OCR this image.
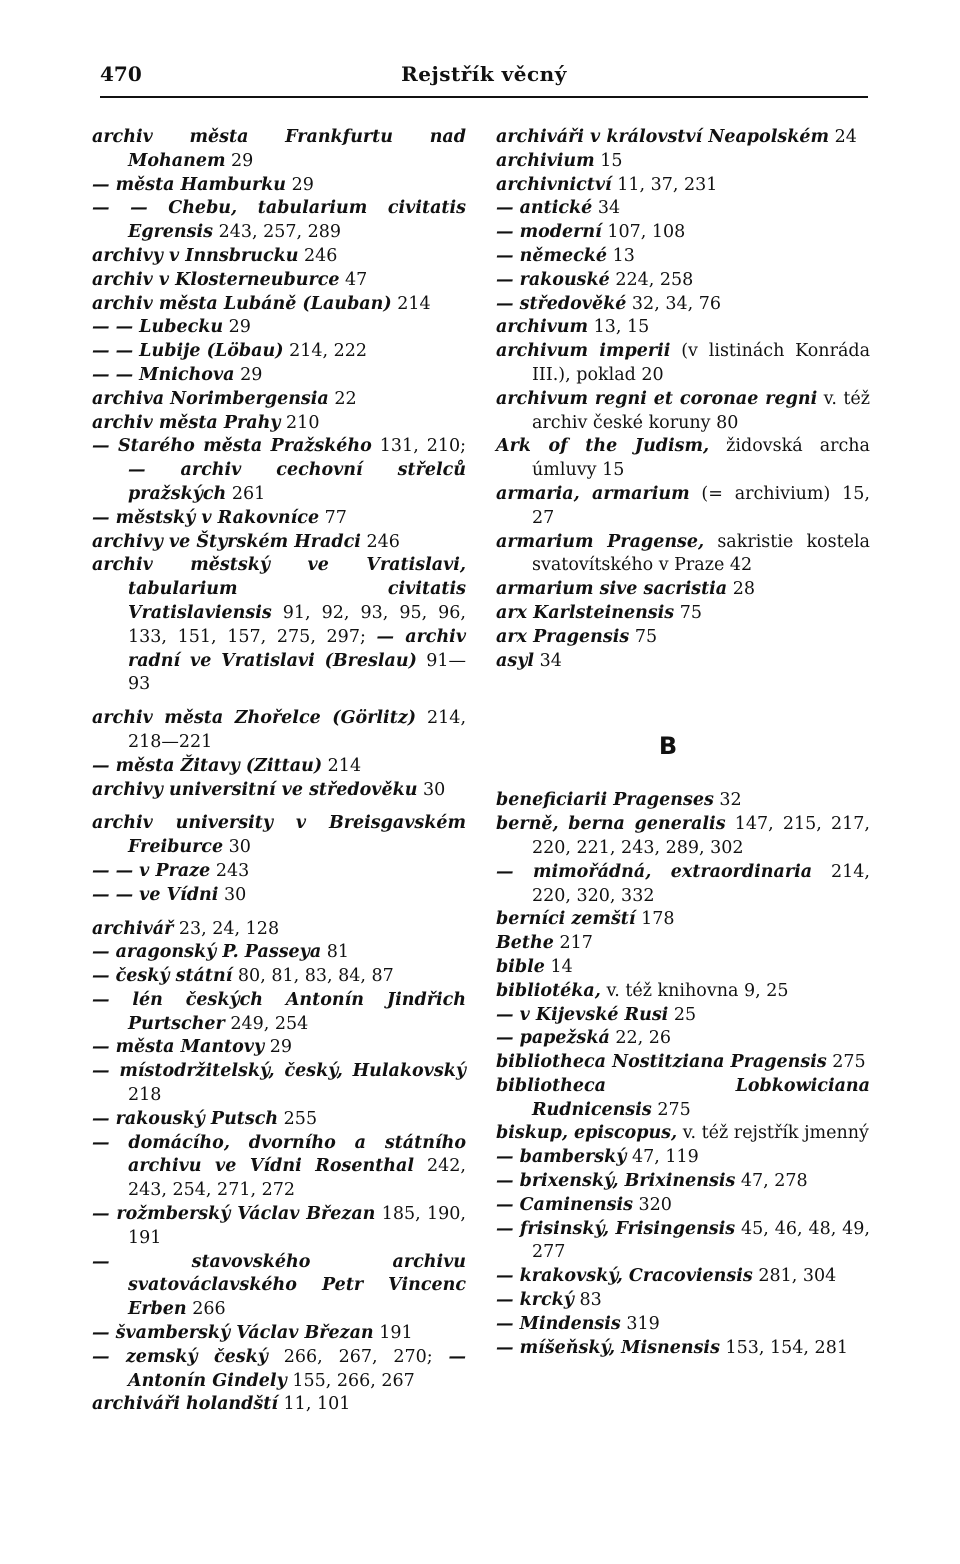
470	Rejstřík věcný
archiv města Frankfurtu nad Mohanem 29
— města Hamburku 29
— — Chebu, tabularium civitatis Egrensis 243, 257, 289
archivy v Innsbrucku 246
archiv v Klosterneuburce 47
archiv města Lubáně (Lauban) 214
— — Lubecku 29
— — Lubije (Löbau) 214, 222
— — Mnichova 29
archiva Norimbergensia 22
archiv města Prahy 210
— Starého města Pražského 131, 210; — archiv cechovní střelců pražských 261
— městský v Rakovníce 77
archivy ve Štyrském Hradci 246
archiv městský ve Vratislavi, tabularium civitatis Vratislaviensis 91, 92, 93, 95, 96, 133, 151, 157, 275, 297; — archiv radní ve Vratislavi (Breslau) 91—93
archiv města Zhořelce (Görlitz) 214, 218—221
— města Žitavy (Zittau) 214
archivy universitní ve středověku 30
archiv university v Breisgavském Freiburce 30
— — v Praze 243
— — ve Vídni 30
archivář 23, 24, 128
— aragonský P. Passeya 81
— český státní 80, 81, 83, 84, 87
— lén českých Antonín Jindřich Purtscher 249, 254
— města Mantovy 29
— místodržitelský, český, Hulakovský 218
— rakouský Putsch 255
— domácího, dvorního a státního archivu ve Vídni Rosenthal 242, 243, 254, 271, 272
— rožmberský Václav Březan 185, 190, 191
— stavovského archivu svatováclavského Petr Vincenc Erben 266
— švamberský Václav Březan 191
— zemský český 266, 267, 270; — Antonín Gindely 155, 266, 267
archiváři holandští 11, 101
archiváři v království Neapolském 24
archivium 15
archivnictví 11, 37, 231
— antické 34
— moderní 107, 108
— německé 13
— rakouské 224, 258
— středověké 32, 34, 76
archivum 13, 15
archivum imperii (v listinách Konráda III.), poklad 20
archivum regni et coronae regni v. též archiv české koruny 80
Ark of the Judism, židovská archa úmluvy 15
armaria, armarium (= archivium) 15, 27
armarium Pragense, sakristie kostela svatovítského v Praze 42
armarium sive sacristia 28
arx Karlsteinensis 75
arx Pragensis 75
asyl 34
B
beneficiarii Pragenses 32
berně, berna generalis 147, 215, 217, 220, 221, 243, 289, 302
— mimořádná, extraordinaria 214, 220, 320, 332
berníci zemští 178
Bethe 217
bible 14
bibliotéka, v. též knihovna 9, 25
— v Kijevské Rusi 25
— papežská 22, 26
bibliotheca Nostitziana Pragensis 275
bibliotheca Lobkowiciana Rudnicensis 275
biskup, episcopus, v. též rejstřík jmenný
— bamberský 47, 119
— brixenský, Brixinensis 47, 278
— Caminensis 320
— frisinský, Frisingensis 45, 46, 48, 49, 277
— krakovský, Cracoviensis 281, 304
— krcký 83
— Mindensis 319
— míšeňský, Misnensis 153, 154, 281
